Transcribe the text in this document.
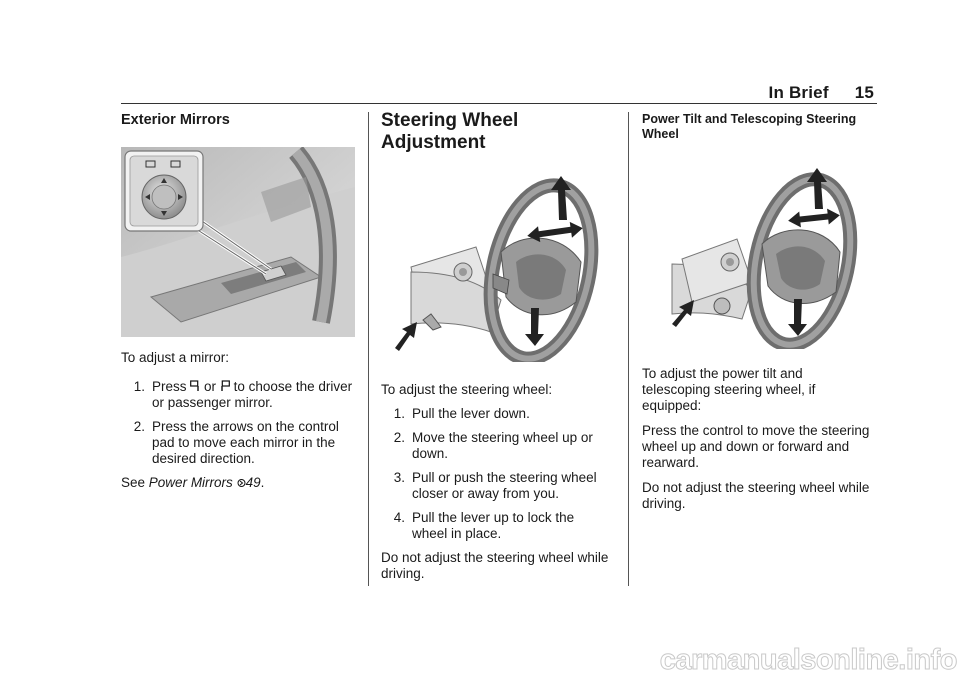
In Brief 15
Exterior Mirrors

To adjust a mirror:

1. Press or to choose the driver or passenger mirror.
2. Press the arrows on the control pad to move each mirror in the desired direction.

See Power Mirrors 49.

Steering Wheel Adjustment

To adjust the steering wheel:

1. Pull the lever down.
2. Move the steering wheel up or down.
3. Pull or push the steering wheel closer or away from you.
4. Pull the lever up to lock the wheel in place.

Do not adjust the steering wheel while driving.

Power Tilt and Telescoping Steering Wheel

To adjust the power tilt and telescoping steering wheel, if equipped:

Press the control to move the steering wheel up and down or forward and rearward.

Do not adjust the steering wheel while driving.

carmanualsonline.info
